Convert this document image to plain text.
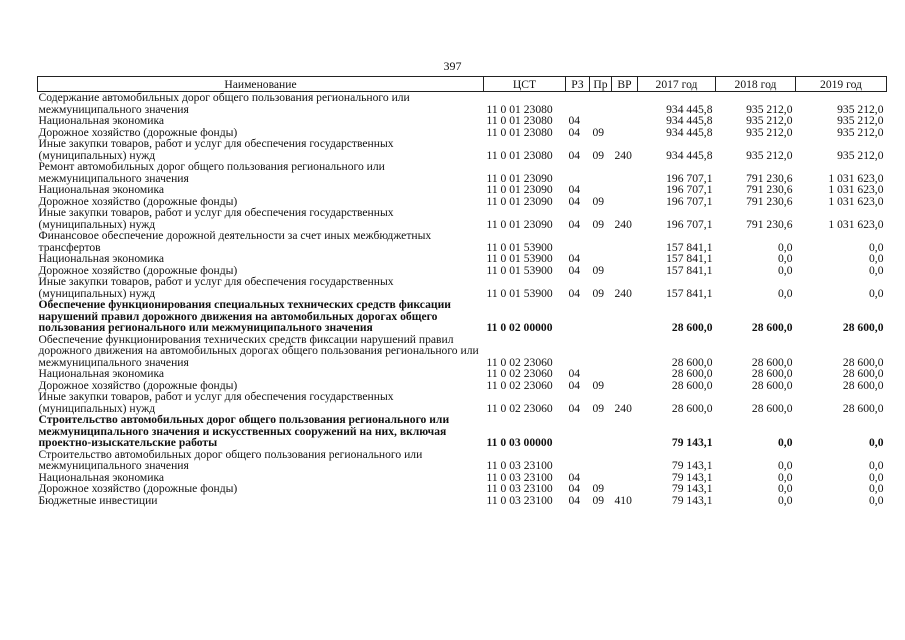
397
Наименование	ЦСТ	РЗ	Пр	ВР	2017 год	2018 год	2019 год
Содержание автомобильных дорог общего пользования регионального или межмуниципального значения	11 0 01 23080				934 445,8	935 212,0	935 212,0
Национальная экономика	11 0 01 23080	04			934 445,8	935 212,0	935 212,0
Дорожное хозяйство (дорожные фонды)	11 0 01 23080	04	09		934 445,8	935 212,0	935 212,0
Иные закупки товаров, работ и услуг для обеспечения государственных (муниципальных) нужд	11 0 01 23080	04	09	240	934 445,8	935 212,0	935 212,0
Ремонт автомобильных дорог общего пользования регионального или межмуниципального значения	11 0 01 23090				196 707,1	791 230,6	1 031 623,0
Национальная экономика	11 0 01 23090	04			196 707,1	791 230,6	1 031 623,0
Дорожное хозяйство (дорожные фонды)	11 0 01 23090	04	09		196 707,1	791 230,6	1 031 623,0
Иные закупки товаров, работ и услуг для обеспечения государственных (муниципальных) нужд	11 0 01 23090	04	09	240	196 707,1	791 230,6	1 031 623,0
Финансовое обеспечение дорожной деятельности за счет иных межбюджетных трансфертов	11 0 01 53900				157 841,1	0,0	0,0
Национальная экономика	11 0 01 53900	04			157 841,1	0,0	0,0
Дорожное хозяйство (дорожные фонды)	11 0 01 53900	04	09		157 841,1	0,0	0,0
Иные закупки товаров, работ и услуг для обеспечения государственных (муниципальных) нужд	11 0 01 53900	04	09	240	157 841,1	0,0	0,0
Обеспечение функционирования специальных технических средств фиксации нарушений правил дорожного движения на автомобильных дорогах общего пользования регионального или межмуниципального значения	11 0 02 00000				28 600,0	28 600,0	28 600,0
Обеспечение функционирования технических средств фиксации нарушений правил дорожного движения на автомобильных дорогах общего пользования регионального или межмуниципального значения	11 0 02 23060				28 600,0	28 600,0	28 600,0
Национальная экономика	11 0 02 23060	04			28 600,0	28 600,0	28 600,0
Дорожное хозяйство (дорожные фонды)	11 0 02 23060	04	09		28 600,0	28 600,0	28 600,0
Иные закупки товаров, работ и услуг для обеспечения государственных (муниципальных) нужд	11 0 02 23060	04	09	240	28 600,0	28 600,0	28 600,0
Строительство автомобильных дорог общего пользования регионального или межмуниципального значения и искусственных сооружений на них, включая проектно-изыскательские работы	11 0 03 00000				79 143,1	0,0	0,0
Строительство автомобильных дорог общего пользования регионального или межмуниципального значения	11 0 03 23100				79 143,1	0,0	0,0
Национальная экономика	11 0 03 23100	04			79 143,1	0,0	0,0
Дорожное хозяйство (дорожные фонды)	11 0 03 23100	04	09		79 143,1	0,0	0,0
Бюджетные инвестиции	11 0 03 23100	04	09	410	79 143,1	0,0	0,0
